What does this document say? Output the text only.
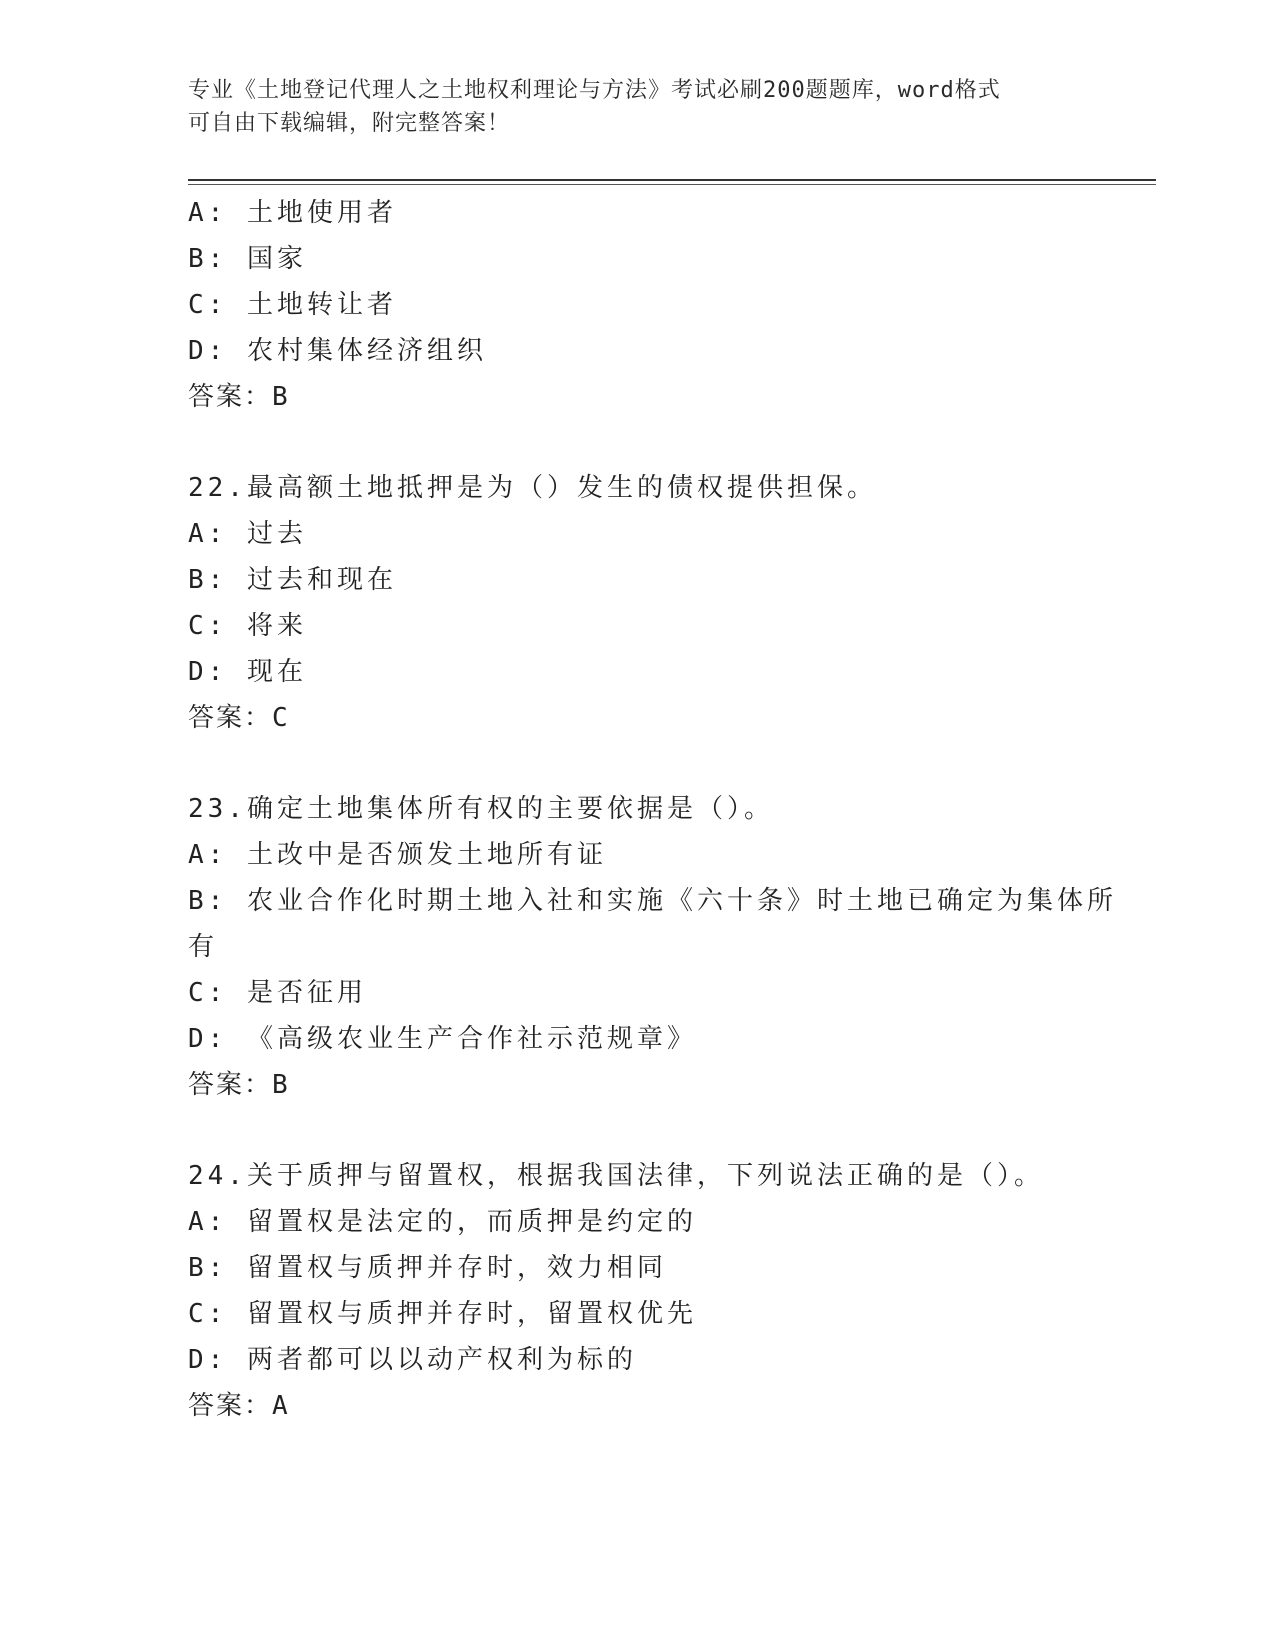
专业《土地登记代理人之土地权利理论与方法》考试必刷200题题库，word格式
可自由下载编辑，附完整答案！
A: 土地使用者
B: 国家
C: 土地转让者
D: 农村集体经济组织
答案：B
22.最高额土地抵押是为（）发生的债权提供担保。
A: 过去
B: 过去和现在
C: 将来
D: 现在
答案：C
23.确定土地集体所有权的主要依据是（）。
A: 土改中是否颁发土地所有证
B: 农业合作化时期土地入社和实施《六十条》时土地已确定为集体所
有
C: 是否征用
D: 《高级农业生产合作社示范规章》
答案：B
24.关于质押与留置权，根据我国法律，下列说法正确的是（）。
A: 留置权是法定的，而质押是约定的
B: 留置权与质押并存时，效力相同
C: 留置权与质押并存时，留置权优先
D: 两者都可以以动产权利为标的
答案：A
